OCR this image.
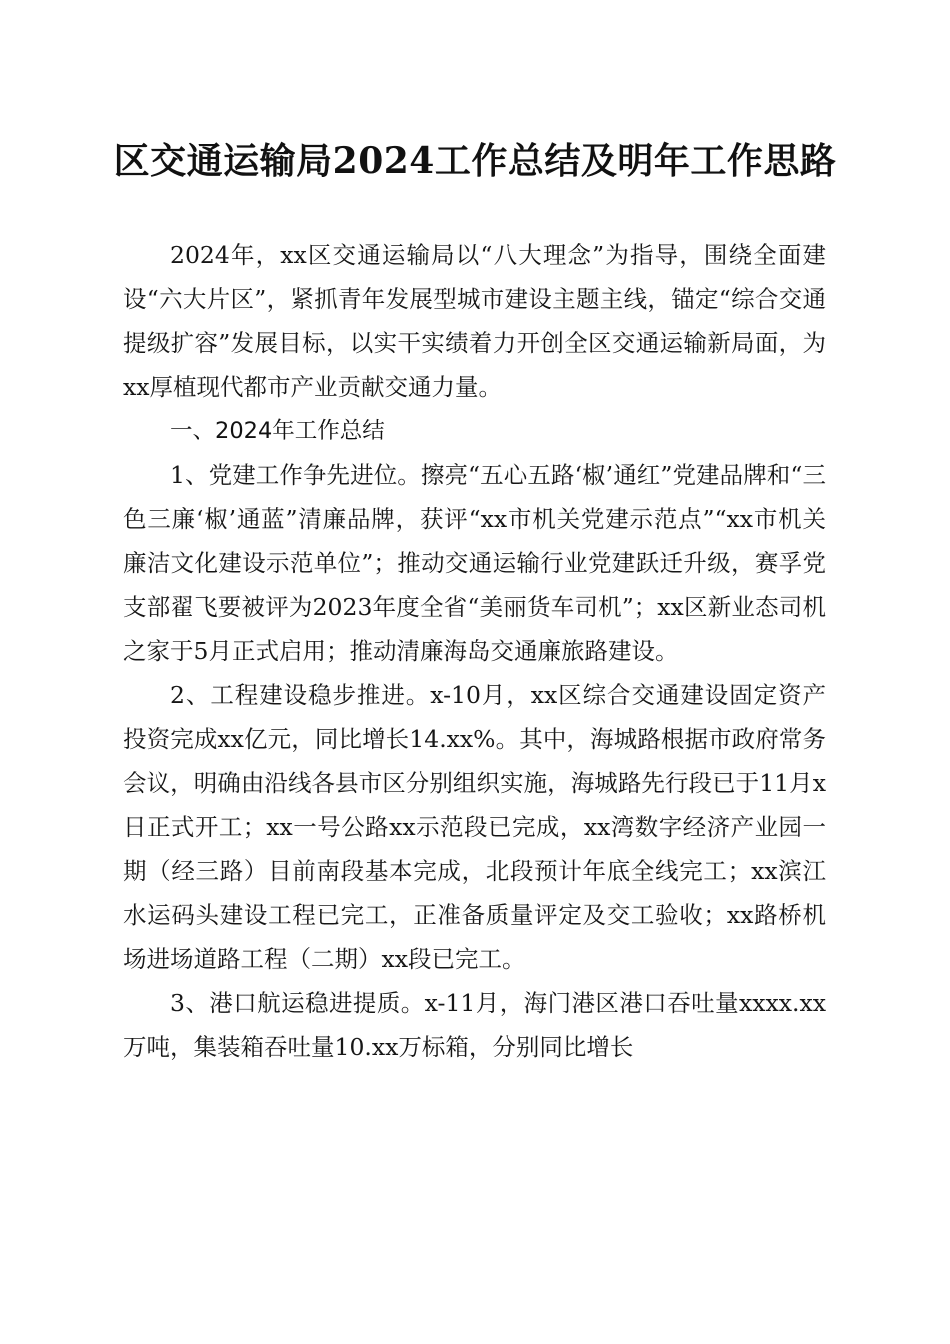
区交通运输局2024工作总结及明年工作思路

2024年，xx区交通运输局以“八大理念”为指导，围绕全面建设“六大片区”，紧抓青年发展型城市建设主题主线，锚定“综合交通提级扩容”发展目标，以实干实绩着力开创全区交通运输新局面，为xx厚植现代都市产业贡献交通力量。

一、2024年工作总结

1、党建工作争先进位。擦亮“五心五路‘椒’通红”党建品牌和“三色三廉‘椒’通蓝”清廉品牌，获评“xx市机关党建示范点”“xx市机关廉洁文化建设示范单位”；推动交通运输行业党建跃迁升级，赛孚党支部翟飞要被评为2023年度全省“美丽货车司机”；xx区新业态司机之家于5月正式启用；推动清廉海岛交通廉旅路建设。

2、工程建设稳步推进。x-10月，xx区综合交通建设固定资产投资完成xx亿元，同比增长14.xx%。其中，海城路根据市政府常务会议，明确由沿线各县市区分别组织实施，海城路先行段已于11月x日正式开工；xx一号公路xx示范段已完成，xx湾数字经济产业园一期（经三路）目前南段基本完成，北段预计年底全线完工；xx滨江水运码头建设工程已完工，正准备质量评定及交工验收；xx路桥机场进场道路工程（二期）xx段已完工。

3、港口航运稳进提质。x-11月，海门港区港口吞吐量xxxx.xx万吨，集装箱吞吐量10.xx万标箱，分别同比增长
